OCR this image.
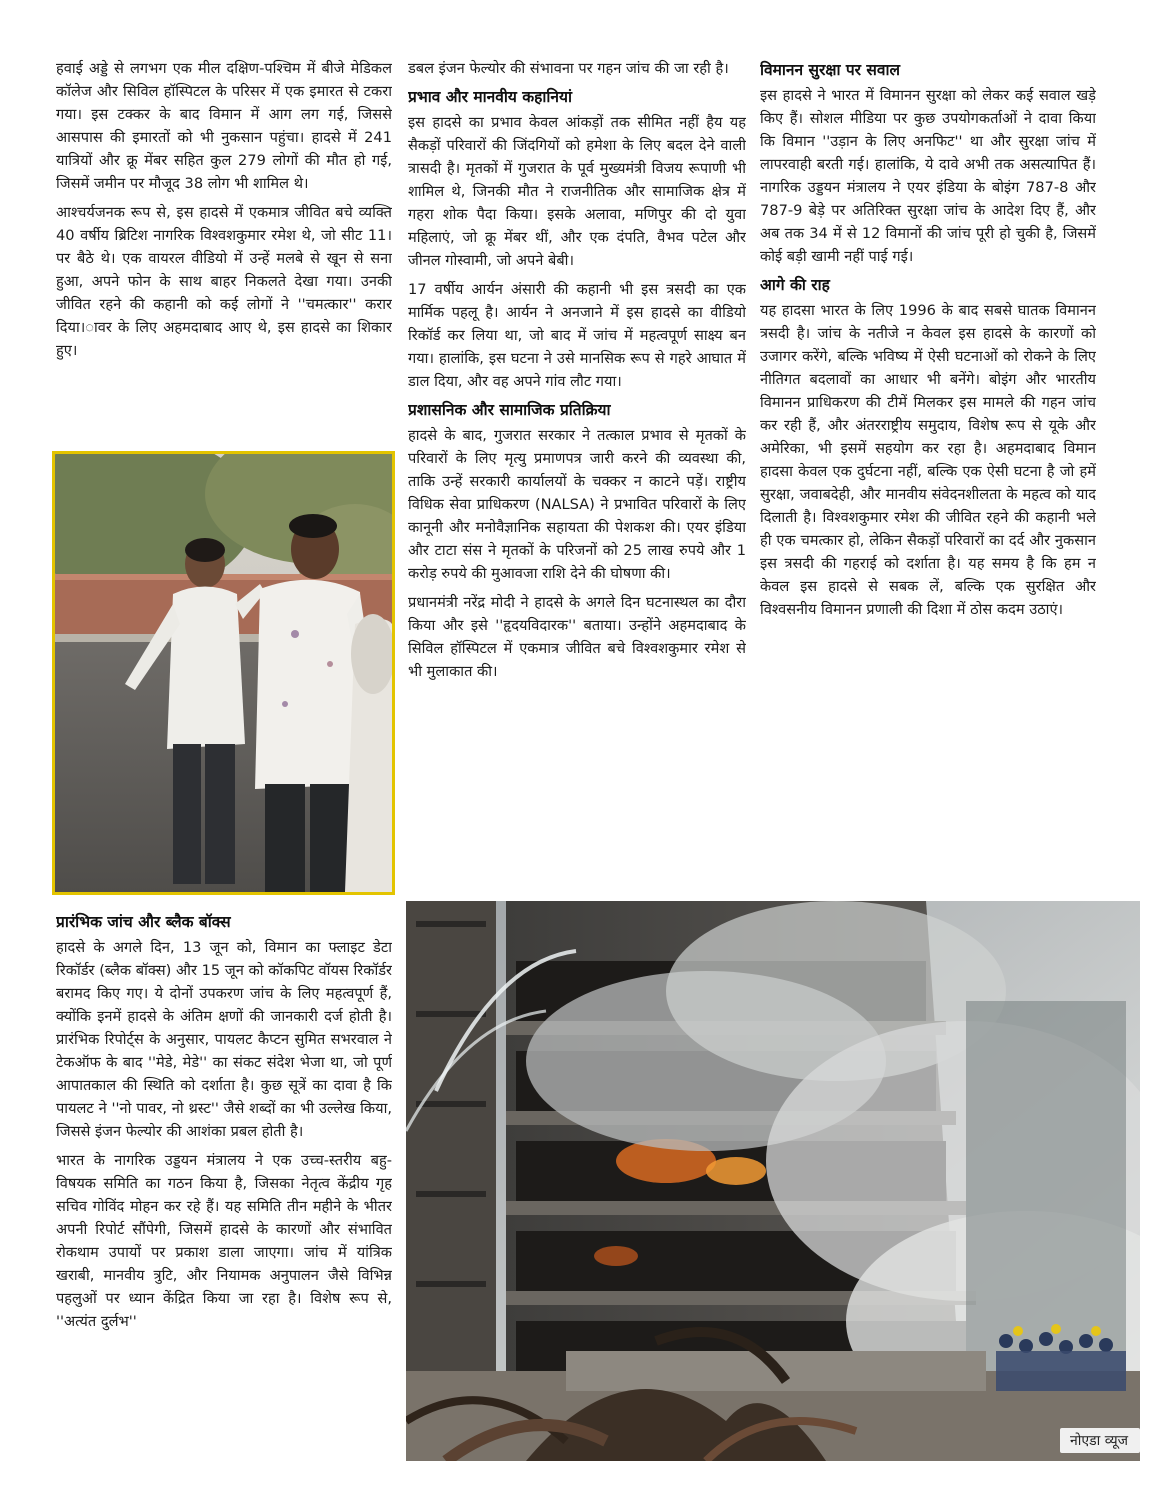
हवाई अड्डे से लगभग एक मील दक्षिण-पश्चिम में बीजे मेडिकल कॉलेज और सिविल हॉस्पिटल के परिसर में एक इमारत से टकरा गया। इस टक्कर के बाद विमान में आग लग गई, जिससे आसपास की इमारतों को भी नुकसान पहुंचा। हादसे में 241 यात्रियों और क्रू मेंबर सहित कुल 279 लोगों की मौत हो गई, जिसमें जमीन पर मौजूद 38 लोग भी शामिल थे।

आश्चर्यजनक रूप से, इस हादसे में एकमात्र जीवित बचे व्यक्ति 40 वर्षीय ब्रिटिश नागरिक विश्वशकुमार रमेश थे, जो सीट 11। पर बैठे थे। एक वायरल वीडियो में उन्हें मलबे से खून से सना हुआ, अपने फोन के साथ बाहर निकलते देखा गया। उनकी जीवित रहने की कहानी को कई लोगों ने ''चमत्कार'' करार दिया।ावर के लिए अहमदाबाद आए थे, इस हादसे का शिकार हुए।

डबल इंजन फेल्योर की संभावना पर गहन जांच की जा रही है।

प्रभाव और मानवीय कहानियां

इस हादसे का प्रभाव केवल आंकड़ों तक सीमित नहीं हैय यह सैकड़ों परिवारों की जिंदगियों को हमेशा के लिए बदल देने वाली त्रासदी है। मृतकों में गुजरात के पूर्व मुख्यमंत्री विजय रूपाणी भी शामिल थे, जिनकी मौत ने राजनीतिक और सामाजिक क्षेत्र में गहरा शोक पैदा किया। इसके अलावा, मणिपुर की दो युवा महिलाएं, जो क्रू मेंबर थीं, और एक दंपति, वैभव पटेल और जीनल गोस्वामी, जो अपने बेबी।

17 वर्षीय आर्यन अंसारी की कहानी भी इस त्रसदी का एक मार्मिक पहलू है। आर्यन ने अनजाने में इस हादसे का वीडियो रिकॉर्ड कर लिया था, जो बाद में जांच में महत्वपूर्ण साक्ष्य बन गया। हालांकि, इस घटना ने उसे मानसिक रूप से गहरे आघात में डाल दिया, और वह अपने गांव लौट गया।

प्रशासनिक और सामाजिक प्रतिक्रिया

हादसे के बाद, गुजरात सरकार ने तत्काल प्रभाव से मृतकों के परिवारों के लिए मृत्यु प्रमाणपत्र जारी करने की व्यवस्था की, ताकि उन्हें सरकारी कार्यालयों के चक्कर न काटने पड़ें। राष्ट्रीय विधिक सेवा प्राधिकरण (NALSA) ने प्रभावित परिवारों के लिए कानूनी और मनोवैज्ञानिक सहायता की पेशकश की। एयर इंडिया और टाटा संस ने मृतकों के परिजनों को 25 लाख रुपये और 1 करोड़ रुपये की मुआवजा राशि देने की घोषणा की।

प्रधानमंत्री नरेंद्र मोदी ने हादसे के अगले दिन घटनास्थल का दौरा किया और इसे ''हृदयविदारक'' बताया। उन्होंने अहमदाबाद के सिविल हॉस्पिटल में एकमात्र जीवित बचे विश्वशकुमार रमेश से भी मुलाकात की।

विमानन सुरक्षा पर सवाल

इस हादसे ने भारत में विमानन सुरक्षा को लेकर कई सवाल खड़े किए हैं। सोशल मीडिया पर कुछ उपयोगकर्ताओं ने दावा किया कि विमान ''उड़ान के लिए अनफिट'' था और सुरक्षा जांच में लापरवाही बरती गई। हालांकि, ये दावे अभी तक असत्यापित हैं। नागरिक उड्डयन मंत्रालय ने एयर इंडिया के बोइंग 787-8 और 787-9 बेड़े पर अतिरिक्त सुरक्षा जांच के आदेश दिए हैं, और अब तक 34 में से 12 विमानों की जांच पूरी हो चुकी है, जिसमें कोई बड़ी खामी नहीं पाई गई।

आगे की राह

यह हादसा भारत के लिए 1996 के बाद सबसे घातक विमानन त्रसदी है। जांच के नतीजे न केवल इस हादसे के कारणों को उजागर करेंगे, बल्कि भविष्य में ऐसी घटनाओं को रोकने के लिए नीतिगत बदलावों का आधार भी बनेंगे। बोइंग और भारतीय विमानन प्राधिकरण की टीमें मिलकर इस मामले की गहन जांच कर रही हैं, और अंतरराष्ट्रीय समुदाय, विशेष रूप से यूके और अमेरिका, भी इसमें सहयोग कर रहा है। अहमदाबाद विमान हादसा केवल एक दुर्घटना नहीं, बल्कि एक ऐसी घटना है जो हमें सुरक्षा, जवाबदेही, और मानवीय संवेदनशीलता के महत्व को याद दिलाती है। विश्वशकुमार रमेश की जीवित रहने की कहानी भले ही एक चमत्कार हो, लेकिन सैकड़ों परिवारों का दर्द और नुकसान इस त्रसदी की गहराई को दर्शाता है। यह समय है कि हम न केवल इस हादसे से सबक लें, बल्कि एक सुरक्षित और विश्वसनीय विमानन प्रणाली की दिशा में ठोस कदम उठाएं।

प्रारंभिक जांच और ब्लैक बॉक्स

हादसे के अगले दिन, 13 जून को, विमान का फ्लाइट डेटा रिकॉर्डर (ब्लैक बॉक्स) और 15 जून को कॉकपिट वॉयस रिकॉर्डर बरामद किए गए। ये दोनों उपकरण जांच के लिए महत्वपूर्ण हैं, क्योंकि इनमें हादसे के अंतिम क्षणों की जानकारी दर्ज होती है। प्रारंभिक रिपोर्ट्स के अनुसार, पायलट कैप्टन सुमित सभरवाल ने टेकऑफ के बाद ''मेडे, मेडे'' का संकट संदेश भेजा था, जो पूर्ण आपातकाल की स्थिति को दर्शाता है। कुछ सूत्रें का दावा है कि पायलट ने ''नो पावर, नो थ्रस्ट'' जैसे शब्दों का भी उल्लेख किया, जिससे इंजन फेल्योर की आशंका प्रबल होती है।

भारत के नागरिक उड्डयन मंत्रालय ने एक उच्च-स्तरीय बहु-विषयक समिति का गठन किया है, जिसका नेतृत्व केंद्रीय गृह सचिव गोविंद मोहन कर रहे हैं। यह समिति तीन महीने के भीतर अपनी रिपोर्ट सौंपेगी, जिसमें हादसे के कारणों और संभावित रोकथाम उपायों पर प्रकाश डाला जाएगा। जांच में यांत्रिक खराबी, मानवीय त्रुटि, और नियामक अनुपालन जैसे विभिन्न पहलुओं पर ध्यान केंद्रित किया जा रहा है। विशेष रूप से, ''अत्यंत दुर्लभ''

नोएडा व्यूज
